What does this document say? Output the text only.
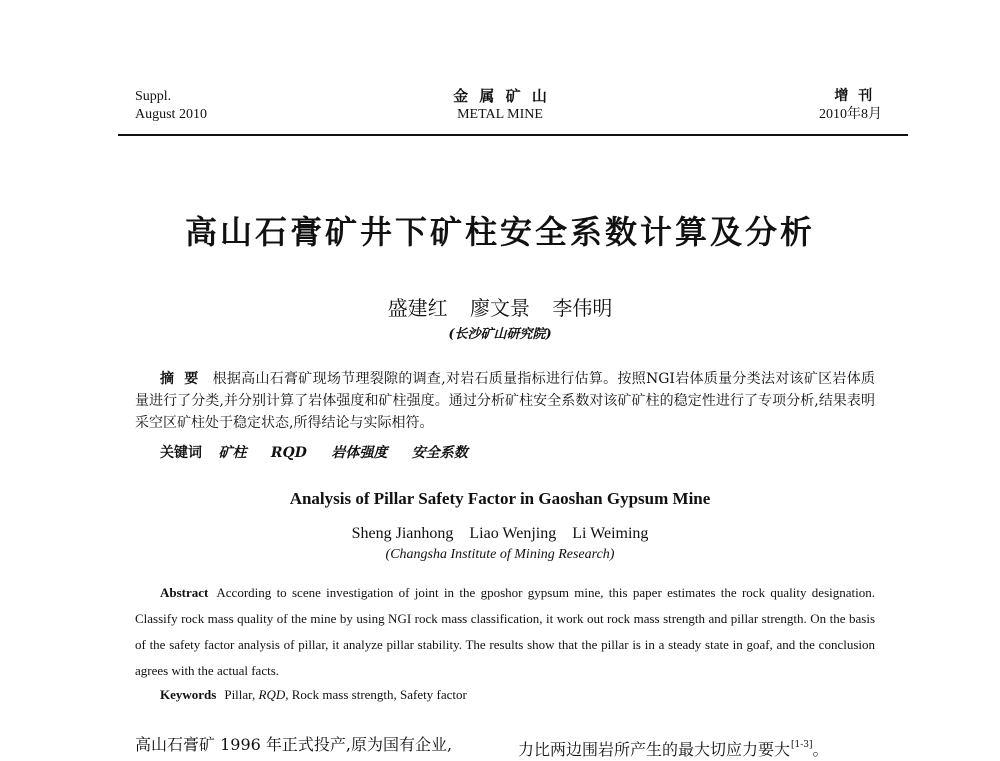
Suppl.
August 2010
金属矿山
METAL MINE
增刊
2010年8月
高山石膏矿井下矿柱安全系数计算及分析
盛建红 廖文景 李伟明
(长沙矿山研究院)
摘要 根据高山石膏矿现场节理裂隙的调查,对岩石质量指标进行估算。按照NGI岩体质量分类法对该矿区岩体质量进行了分类,并分别计算了岩体强度和矿柱强度。通过分析矿柱安全系数对该矿矿柱的稳定性进行了专项分析,结果表明采空区矿柱处于稳定状态,所得结论与实际相符。
关键词 矿柱 RQD 岩体强度 安全系数
Analysis of Pillar Safety Factor in Gaoshan Gypsum Mine
Sheng Jianhong Liao Wenjing Li Weiming
(Changsha Institute of Mining Research)
Abstract According to scene investigation of joint in the gposhor gypsum mine, this paper estimates the rock quality designation. Classify rock mass quality of the mine by using NGI rock mass classification, it work out rock mass strength and pillar strength. On the basis of the safety factor analysis of pillar, it analyze pillar stability. The results show that the pillar is in a steady state in goaf, and the conclusion agrees with the actual facts.
Keywords Pillar, RQD, Rock mass strength, Safety factor
高山石膏矿 1996 年正式投产,原为国有企业,	力比两边围岩所产生的最大切应力要大[1-3]。
